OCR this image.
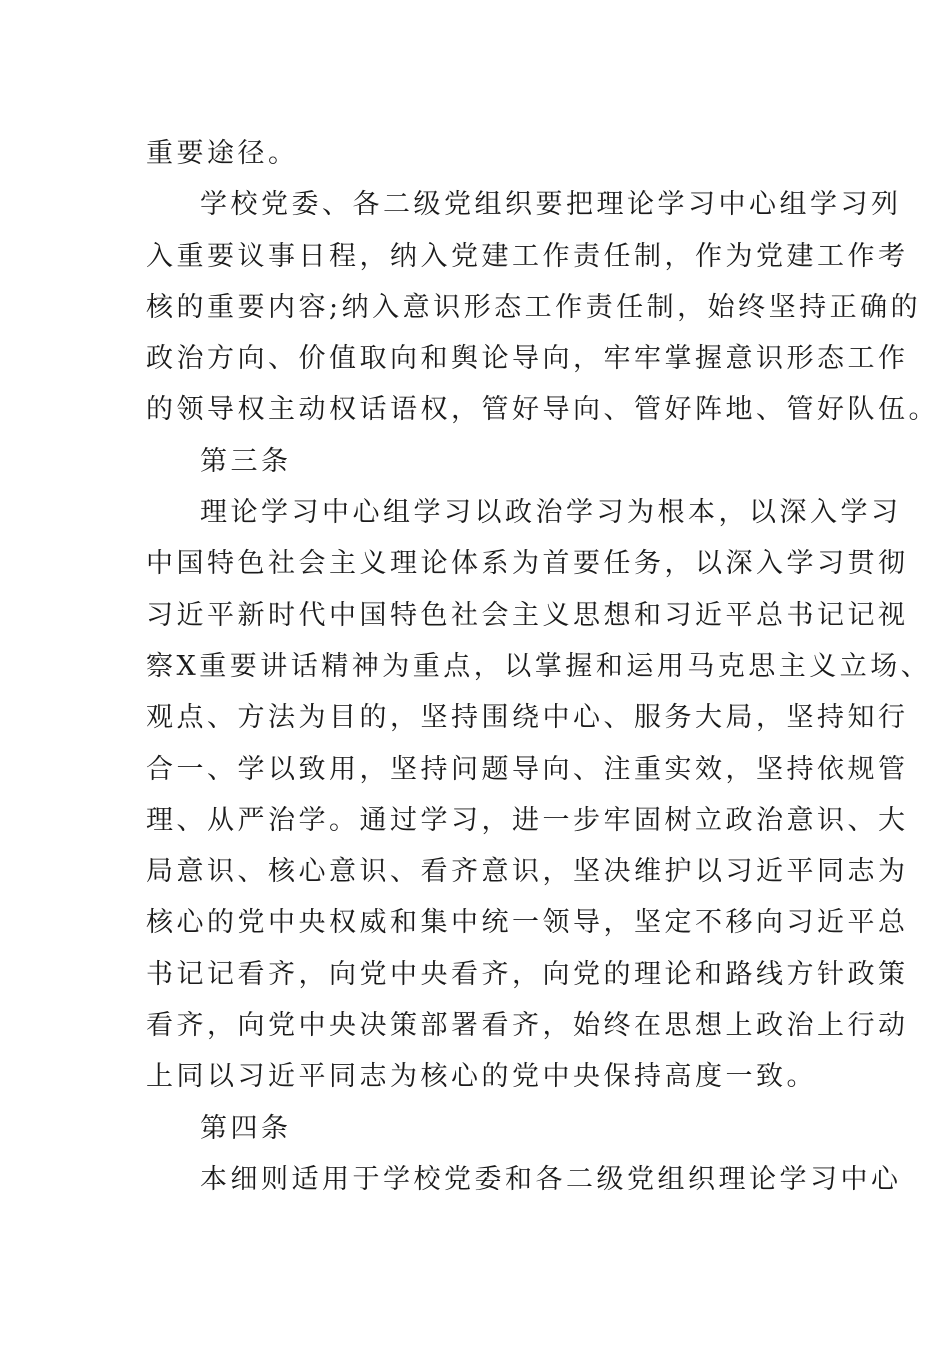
重要途径。
学校党委、各二级党组织要把理论学习中心组学习列
入重要议事日程，纳入党建工作责任制，作为党建工作考
核的重要内容;纳入意识形态工作责任制，始终坚持正确的
政治方向、价值取向和舆论导向，牢牢掌握意识形态工作
的领导权主动权话语权，管好导向、管好阵地、管好队伍。
第三条
理论学习中心组学习以政治学习为根本，以深入学习
中国特色社会主义理论体系为首要任务，以深入学习贯彻
习近平新时代中国特色社会主义思想和习近平总书记记视
察X重要讲话精神为重点，以掌握和运用马克思主义立场、
观点、方法为目的，坚持围绕中心、服务大局，坚持知行
合一、学以致用，坚持问题导向、注重实效，坚持依规管
理、从严治学。通过学习，进一步牢固树立政治意识、大
局意识、核心意识、看齐意识，坚决维护以习近平同志为
核心的党中央权威和集中统一领导，坚定不移向习近平总
书记记看齐，向党中央看齐，向党的理论和路线方针政策
看齐，向党中央决策部署看齐，始终在思想上政治上行动
上同以习近平同志为核心的党中央保持高度一致。
第四条
本细则适用于学校党委和各二级党组织理论学习中心
